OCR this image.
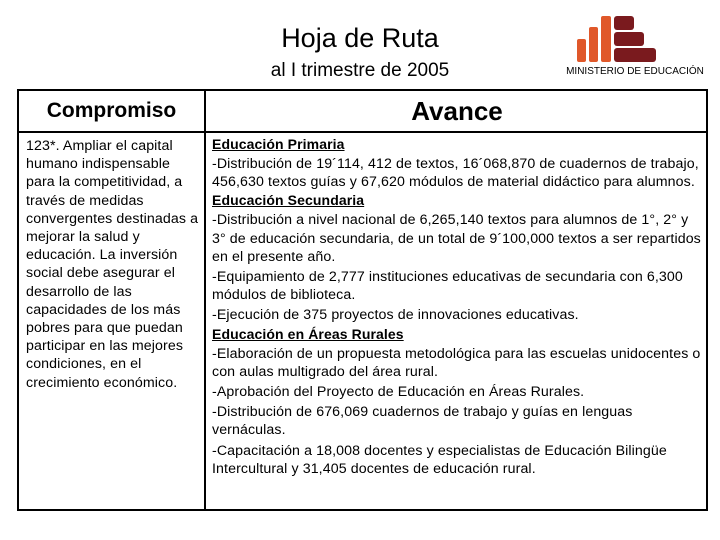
Hoja de Ruta
al I trimestre de 2005	MINISTERIO DE EDUCACIÓN
Compromiso	Avance
123*. Ampliar el capital humano indispensable para la competitividad, a través de medidas convergentes destinadas a mejorar la salud y educación. La inversión social debe asegurar el desarrollo de las capacidades de los más pobres para que puedan participar en las mejores condiciones, en el crecimiento económico.
Educación Primaria
-Distribución de 19´114, 412 de textos, 16´068,870 de cuadernos de trabajo, 456,630 textos guías y 67,620 módulos de material didáctico para alumnos.
Educación Secundaria
-Distribución a nivel nacional de 6,265,140 textos para alumnos de 1°, 2° y 3° de educación secundaria, de un total de 9´100,000 textos a ser repartidos en el presente año.
-Equipamiento de 2,777 instituciones educativas de secundaria con 6,300 módulos de biblioteca.
-Ejecución de 375 proyectos de innovaciones educativas.
Educación en Áreas Rurales
-Elaboración de un propuesta metodológica para las escuelas unidocentes o con aulas multigrado del área rural.
-Aprobación del Proyecto de Educación en Áreas Rurales.
-Distribución de 676,069 cuadernos de trabajo y guías en lenguas vernáculas.
-Capacitación a 18,008 docentes y especialistas de Educación Bilingüe Intercultural y 31,405 docentes de educación rural.
